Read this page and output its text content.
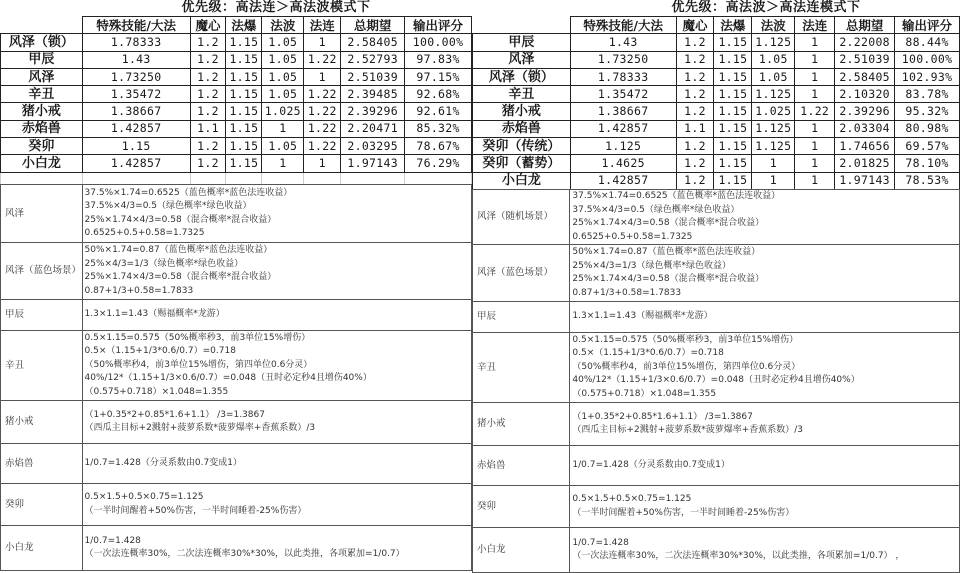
优先级：高法连＞高法波模式下
	特殊技能/大法	魔心	法爆	法波	法连	总期望	输出评分
风泽（锁）	1.78333	1.2	1.15	1.05	1	2.58405	100.00%
甲辰	1.43	1.2	1.15	1.05	1.22	2.52793	97.83%
风泽	1.73250	1.2	1.15	1.05	1	2.51039	97.15%
辛丑	1.35472	1.2	1.15	1.05	1.22	2.39485	92.68%
猪小戒	1.38667	1.2	1.15	1.025	1.22	2.39296	92.61%
赤焰兽	1.42857	1.1	1.15	1	1.22	2.20471	85.32%
癸卯	1.15	1.2	1.15	1.05	1.22	2.03295	78.67%
小白龙	1.42857	1.2	1.15	1	1	1.97143	76.29%

风泽	37.5%×1.74=0.6525（蓝色概率*蓝色法连收益）
37.5%×4/3=0.5（绿色概率*绿色收益）
25%×1.74×4/3=0.58（混合概率*混合收益）
0.6525+0.5+0.58=1.7325

风泽（蓝色场景）	50%×1.74=0.87（蓝色概率*蓝色法连收益）
25%×4/3=1/3（绿色概率*绿色收益）
25%×1.74×4/3=0.58（混合概率*混合收益）
0.87+1/3+0.58=1.7833

甲辰	1.3×1.1=1.43（赐福概率*龙游）

辛丑	0.5×1.15=0.575（50%概率秒3，前3单位15%增伤）
0.5×（1.15+1/3*0.6/0.7）=0.718
（50%概率秒4，前3单位15%增伤，第四单位0.6分灵）
40%/12*（1.15+1/3×0.6/0.7）=0.048（丑时必定秒4且增伤40%）
（0.575+0.718）×1.048=1.355

猪小戒	（1+0.35*2+0.85*1.6+1.1） /3=1.3867
（西瓜主目标+2溅射+菠萝系数*菠萝爆率+香蕉系数）/3

赤焰兽	1/0.7=1.428（分灵系数由0.7变成1）

癸卯	0.5×1.5+0.5×0.75=1.125
（一半时间醒着+50%伤害，一半时间睡着-25%伤害）

小白龙	1/0.7=1.428
（一次法连概率30%，二次法连概率30%*30%，以此类推，各项累加=1/0.7）
优先级：高法波＞高法连模式下
	特殊技能/大法	魔心	法爆	法波	法连	总期望	输出评分
甲辰	1.43	1.2	1.15	1.125	1	2.22008	88.44%
风泽	1.73250	1.2	1.15	1.05	1	2.51039	100.00%
风泽（锁）	1.78333	1.2	1.15	1.05	1	2.58405	102.93%
辛丑	1.35472	1.2	1.15	1.125	1	2.10320	83.78%
猪小戒	1.38667	1.2	1.15	1.025	1.22	2.39296	95.32%
赤焰兽	1.42857	1.1	1.15	1.125	1	2.03304	80.98%
癸卯（传统）	1.125	1.2	1.15	1.125	1	1.74656	69.57%
癸卯（蓄势）	1.4625	1.2	1.15	1	1	2.01825	78.10%
小白龙	1.42857	1.2	1.15	1	1	1.97143	78.53%
风泽（随机场景）	37.5%×1.74=0.6525（蓝色概率*蓝色法连收益）
37.5%×4/3=0.5（绿色概率*绿色收益）
25%×1.74×4/3=0.58（混合概率*混合收益）
0.6525+0.5+0.58=1.7325

风泽（蓝色场景）	50%×1.74=0.87（蓝色概率*蓝色法连收益）
25%×4/3=1/3（绿色概率*绿色收益）
25%×1.74×4/3=0.58（混合概率*混合收益）
0.87+1/3+0.58=1.7833

甲辰	1.3×1.1=1.43（赐福概率*龙游）

辛丑	0.5×1.15=0.575（50%概率秒3，前3单位15%增伤）
0.5×（1.15+1/3*0.6/0.7）=0.718
（50%概率秒4，前3单位15%增伤，第四单位0.6分灵）
40%/12*（1.15+1/3×0.6/0.7）=0.048（丑时必定秒4且增伤40%）
（0.575+0.718）×1.048=1.355

猪小戒	（1+0.35*2+0.85*1.6+1.1） /3=1.3867
（西瓜主目标+2溅射+菠萝系数*菠萝爆率+香蕉系数）/3

赤焰兽	1/0.7=1.428（分灵系数由0.7变成1）

癸卯	0.5×1.5+0.5×0.75=1.125
（一半时间醒着+50%伤害，一半时间睡着-25%伤害）

小白龙	1/0.7=1.428
（一次法连概率30%，二次法连概率30%*30%，以此类推，各项累加=1/0.7） ，
